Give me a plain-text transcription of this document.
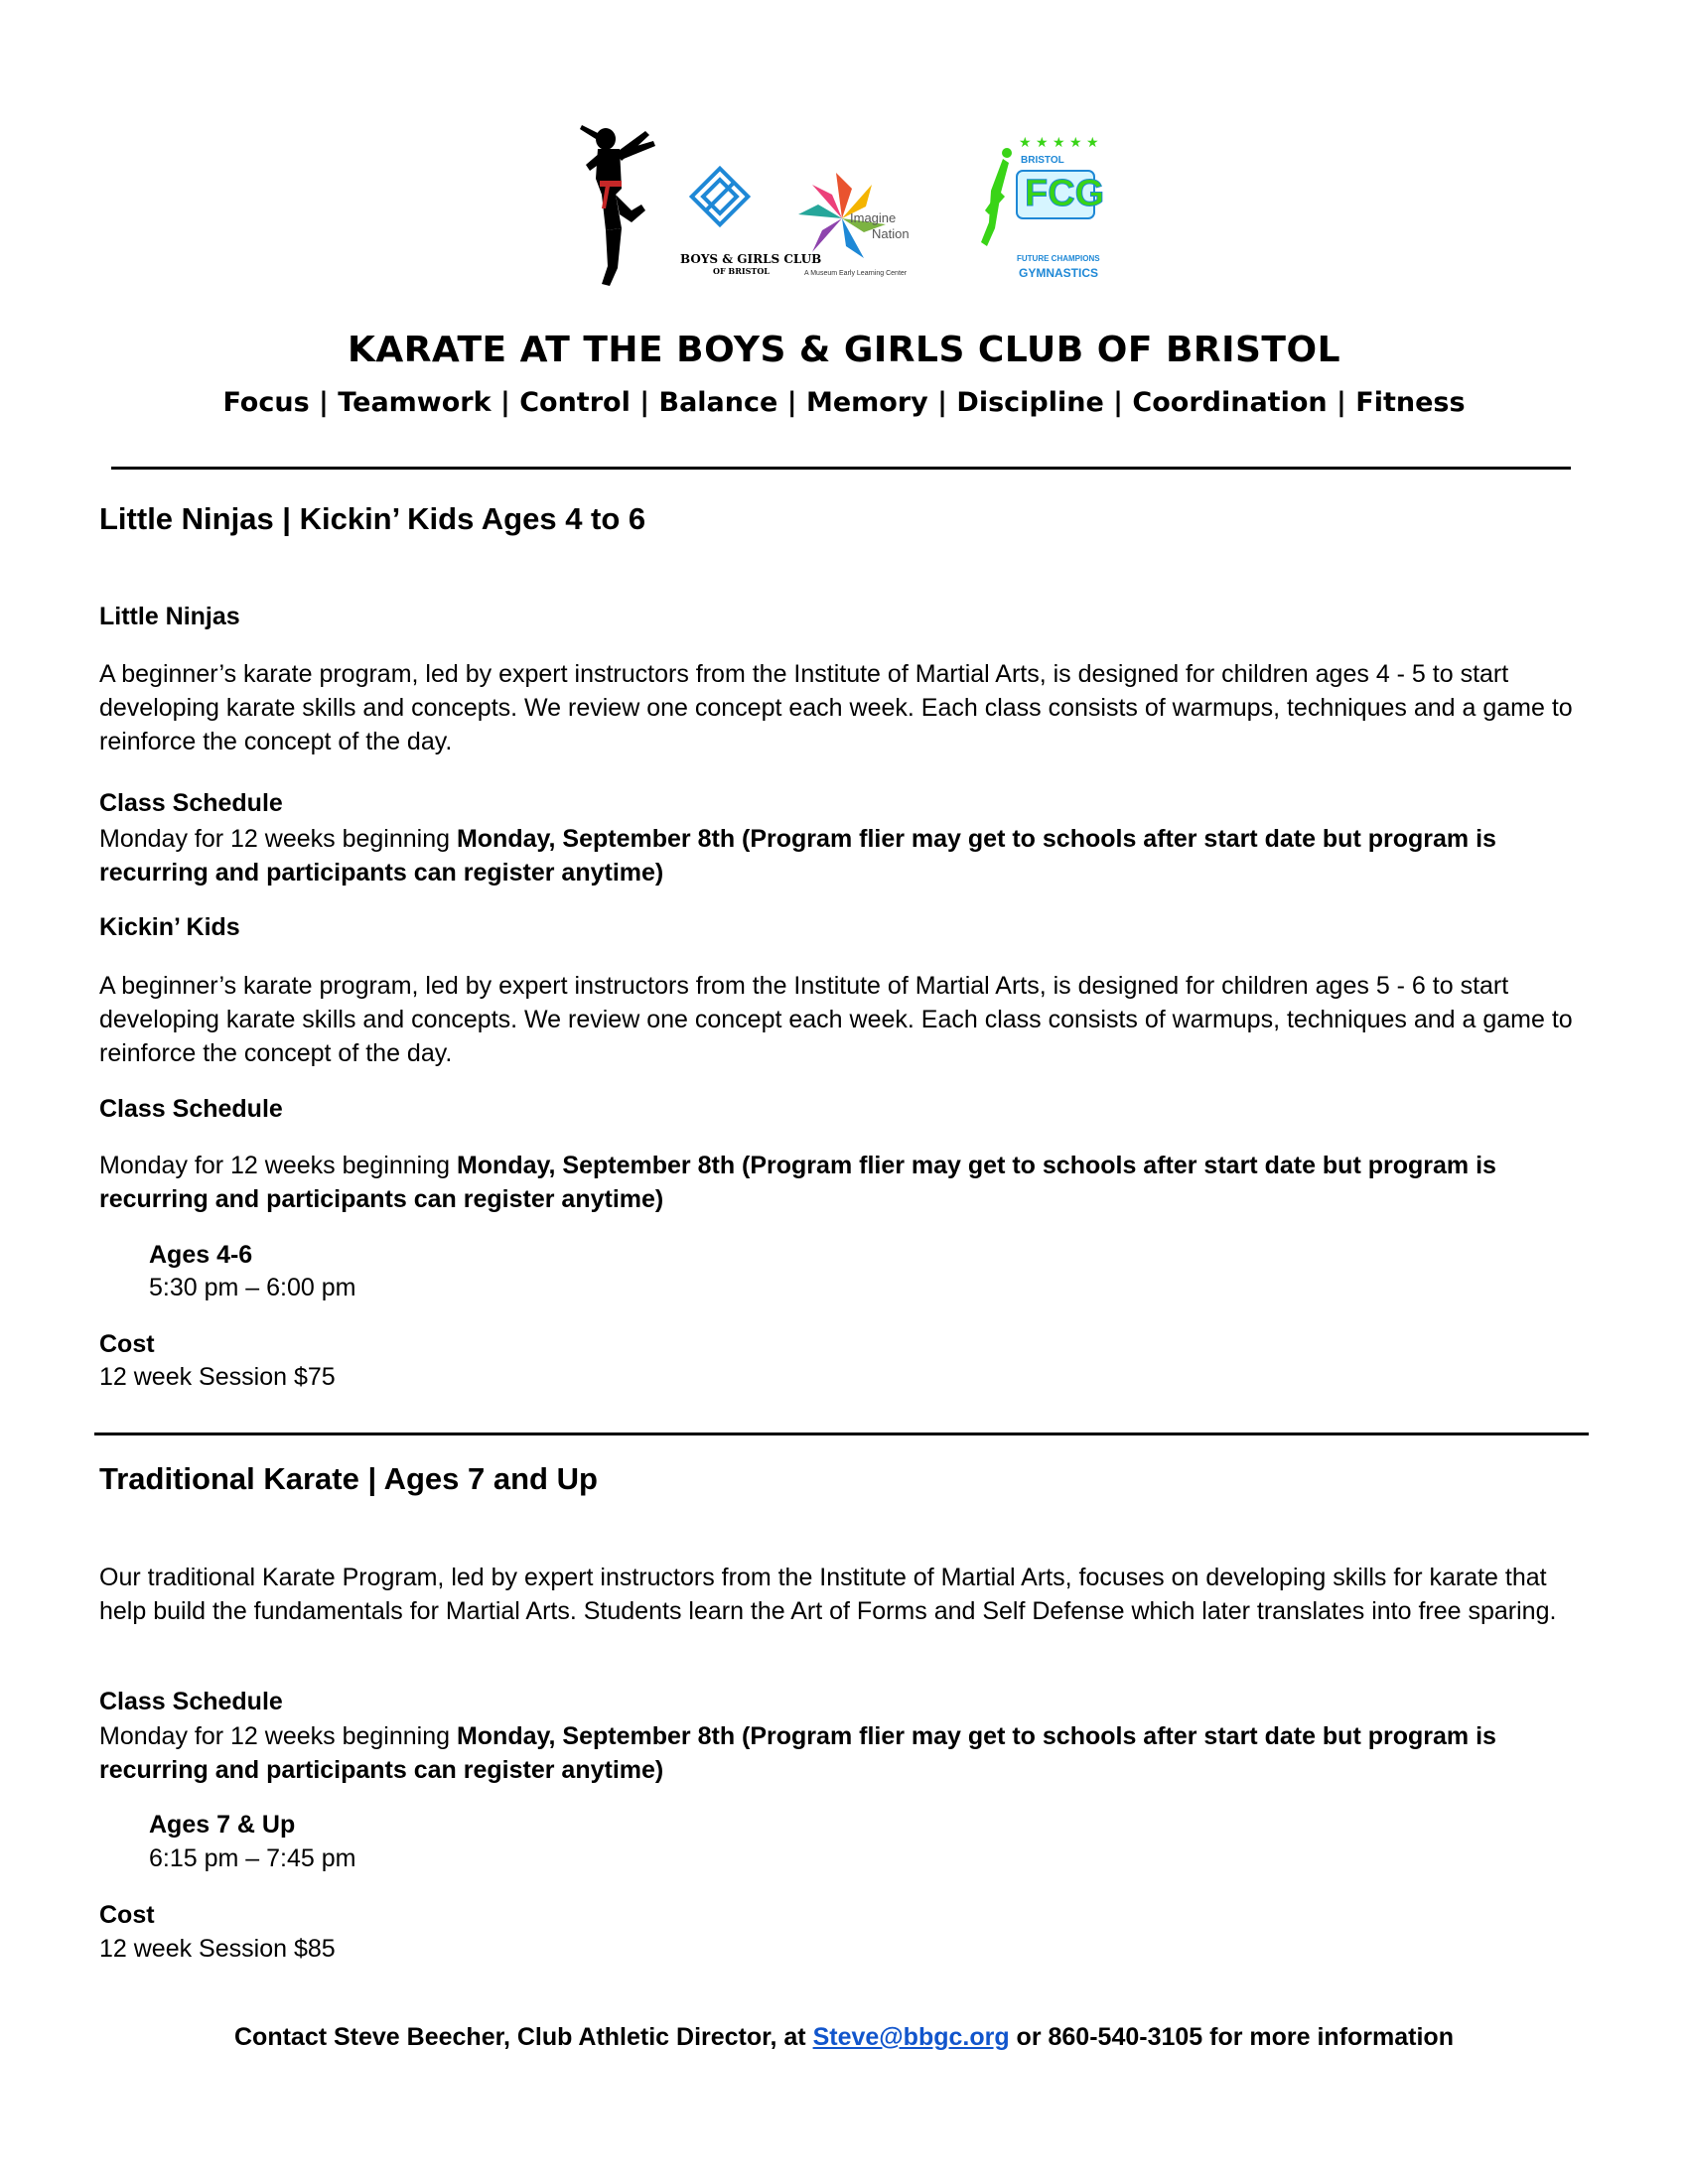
★ ★ ★ ★ ★
BOYS & GIRLS CLUB
OF BRISTOL
Imagine
Nation
A Museum Early Learning Center
BRISTOL
FCG
FUTURE CHAMPIONS
GYMNASTICS
KARATE AT THE BOYS & GIRLS CLUB OF BRISTOL
Focus | Teamwork | Control | Balance | Memory | Discipline | Coordination | Fitness
Little Ninjas | Kickin’ Kids Ages 4 to 6
Little Ninjas
A beginner’s karate program, led by expert instructors from the Institute of Martial Arts, is designed for children ages 4 - 5 to start developing karate skills and concepts. We review one concept each week. Each class consists of warmups, techniques and a game to reinforce the concept of the day.
Class Schedule
Monday for 12 weeks beginning Monday, September 8th (Program flier may get to schools after start date but program is recurring and participants can register anytime)
Kickin’ Kids
A beginner’s karate program, led by expert instructors from the Institute of Martial Arts, is designed for children ages 5 - 6 to start developing karate skills and concepts. We review one concept each week. Each class consists of warmups, techniques and a game to reinforce the concept of the day.
Class Schedule
Monday for 12 weeks beginning Monday, September 8th (Program flier may get to schools after start date but program is recurring and participants can register anytime)
Ages 4-6
5:30 pm – 6:00 pm
Cost
12 week Session $75
Traditional Karate | Ages 7 and Up
Our traditional Karate Program, led by expert instructors from the Institute of Martial Arts, focuses on developing skills for karate that help build the fundamentals for Martial Arts. Students learn the Art of Forms and Self Defense which later translates into free sparing.
Class Schedule
Monday for 12 weeks beginning Monday, September 8th (Program flier may get to schools after start date but program is recurring and participants can register anytime)
Ages 7 & Up
6:15 pm – 7:45 pm
Cost
12 week Session $85
Contact Steve Beecher, Club Athletic Director, at Steve@bbgc.org or 860-540-3105 for more information
